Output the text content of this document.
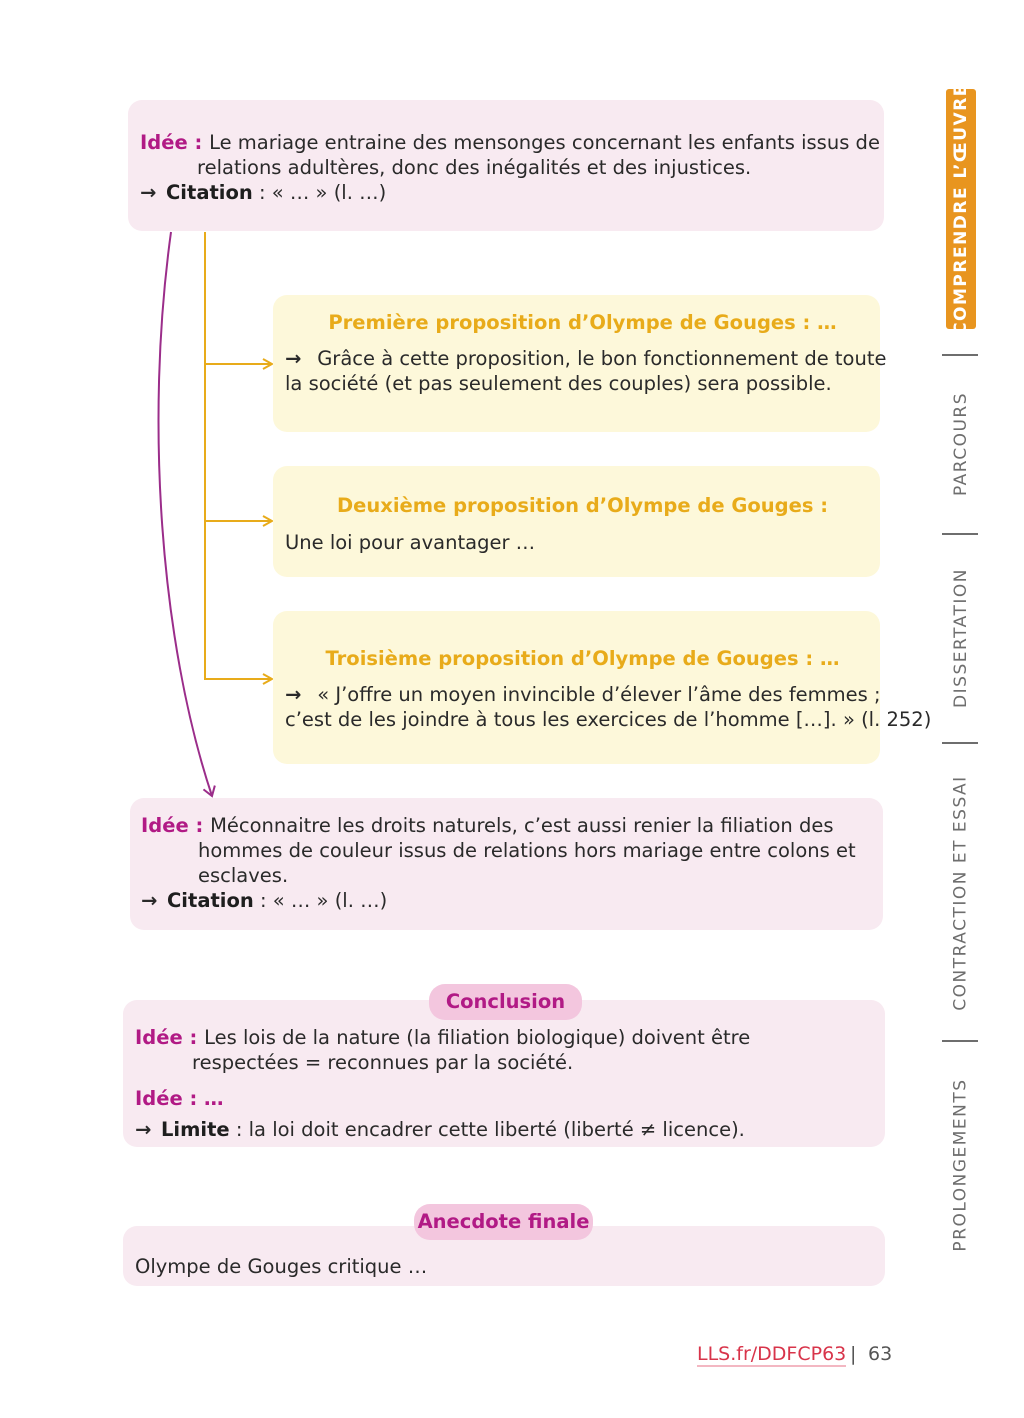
Idée : Le mariage entraine des mensonges concernant les enfants issus de
relations adultères, donc des inégalités et des injustices.
→ Citation : « … » (l. …)
Première proposition d’Olympe de Gouges : …
→ Grâce à cette proposition, le bon fonctionnement de toute
la société (et pas seulement des couples) sera possible.
Deuxième proposition d’Olympe de Gouges :
Une loi pour avantager …
Troisième proposition d’Olympe de Gouges : …
→ « J’offre un moyen invincible d’élever l’âme des femmes ;
c’est de les joindre à tous les exercices de l’homme […]. » (l. 252)
Idée : Méconnaitre les droits naturels, c’est aussi renier la filiation des
hommes de couleur issus de relations hors mariage entre colons et
esclaves.
→ Citation : « … » (l. …)
Idée : Les lois de la nature (la filiation biologique) doivent être
respectées = reconnues par la société.
Idée : …
→ Limite : la loi doit encadrer cette liberté (liberté ≠ licence).
Conclusion
Olympe de Gouges critique …
Anecdote finale
COMPRENDRE L’ŒUVRE
PARCOURS
DISSERTATION
CONTRACTION ET ESSAI
PROLONGEMENTS
LLS.fr/DDFCP63 | 63
